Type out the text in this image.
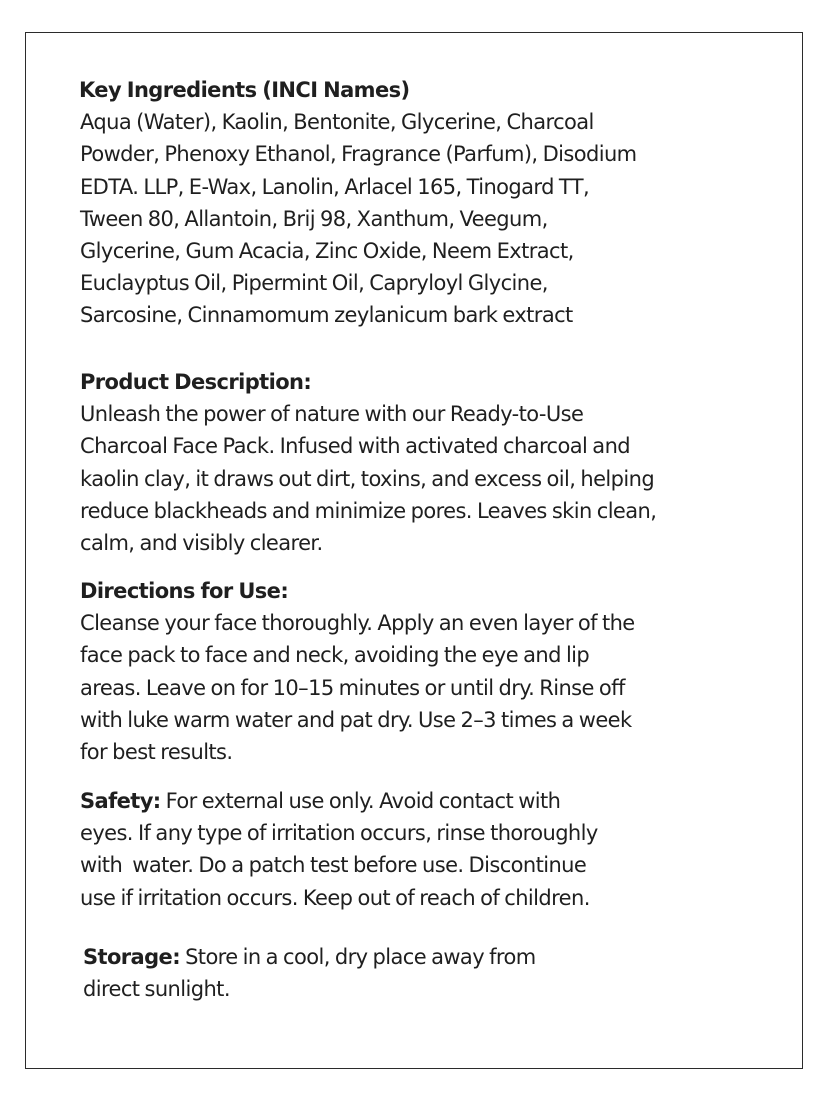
Key Ingredients (INCI Names)
Aqua (Water), Kaolin, Bentonite, Glycerine, Charcoal
Powder, Phenoxy Ethanol, Fragrance (Parfum), Disodium
EDTA. LLP, E-Wax, Lanolin, Arlacel 165, Tinogard TT,
Tween 80, Allantoin, Brij 98, Xanthum, Veegum,
Glycerine, Gum Acacia, Zinc Oxide, Neem Extract,
Euclayptus Oil, Pipermint Oil, Capryloyl Glycine,
Sarcosine, Cinnamomum zeylanicum bark extract
Product Description:
Unleash the power of nature with our Ready-to-Use
Charcoal Face Pack. Infused with activated charcoal and
kaolin clay, it draws out dirt, toxins, and excess oil, helping
reduce blackheads and minimize pores. Leaves skin clean,
calm, and visibly clearer.
Directions for Use:
Cleanse your face thoroughly. Apply an even layer of the
face pack to face and neck, avoiding the eye and lip
areas. Leave on for 10–15 minutes or until dry. Rinse off
with luke warm water and pat dry. Use 2–3 times a week
for best results.
Safety: For external use only. Avoid contact with
eyes. If any type of irritation occurs, rinse thoroughly
with  water. Do a patch test before use. Discontinue
use if irritation occurs. Keep out of reach of children.
Storage: Store in a cool, dry place away from
direct sunlight.
